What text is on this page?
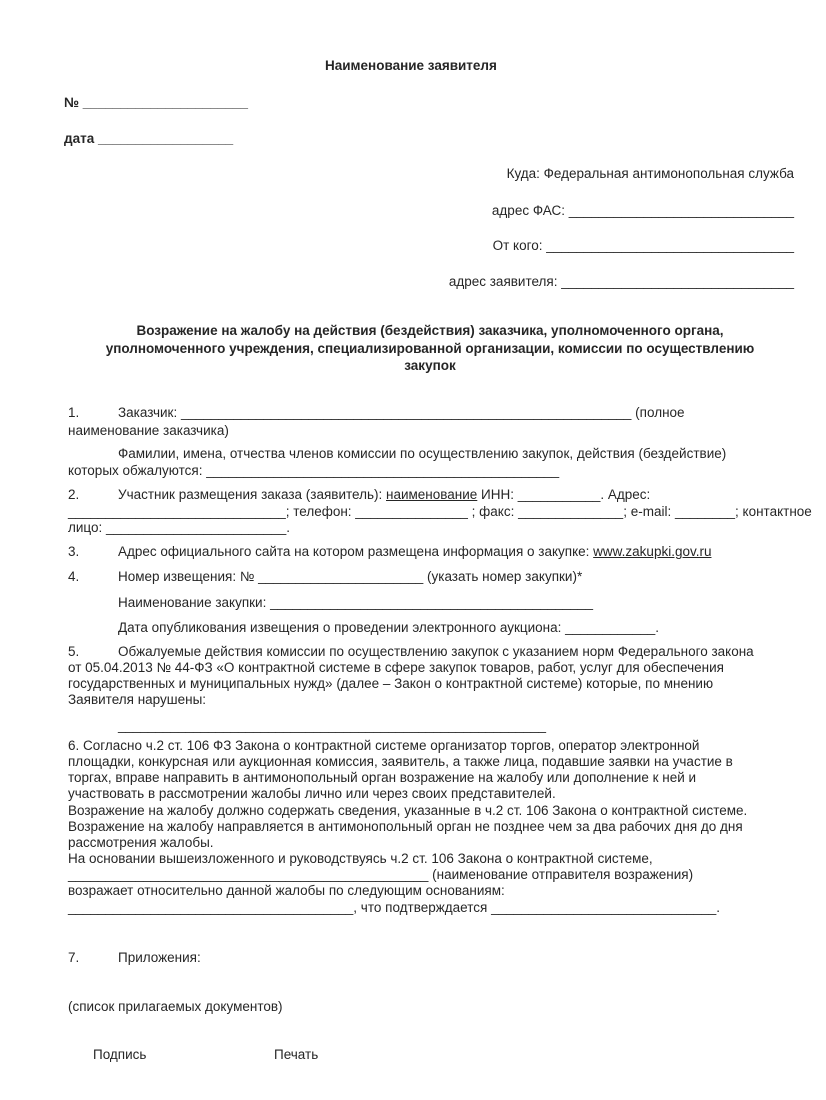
Наименование заявителя
№ ______________________
дата __________________
Куда: Федеральная антимонопольная служба
адрес ФАС: ______________________________
От кого: _________________________________
адрес заявителя: _______________________________
Возражение на жалобу на действия (бездействия) заказчика, уполномоченного органа,
уполномоченного учреждения, специализированной организации, комиссии по осуществлению
закупок
1.	Заказчик: ____________________________________________________________ (полное
наименование заказчика)
Фамилии, имена, отчества членов комиссии по осуществлению закупок, действия (бездействие)
которых обжалуются: _______________________________________________
2.	Участник размещения заказа (заявитель): наименование ИНН: ___________. Адрес:
_____________________________; телефон: _______________ ; факс: ______________; e-mail: ________; контактное
лицо: ________________________.
3.	Адрес официального сайта на котором размещена информация о закупке: www.zakupki.gov.ru
4.	Номер извещения: № ______________________ (указать номер закупки)*
Наименование закупки: ___________________________________________
Дата опубликования извещения о проведении электронного аукциона: ____________.
5.	Обжалуемые действия комиссии по осуществлению закупок с указанием норм Федерального закона
от 05.04.2013 № 44-ФЗ «О контрактной системе в сфере закупок товаров, работ, услуг для обеспечения
государственных и муниципальных нужд» (далее – Закон о контрактной системе) которые, по мнению
Заявителя нарушены:
_________________________________________________________
6. Согласно ч.2 ст. 106 ФЗ Закона о контрактной системе организатор торгов, оператор электронной
площадки, конкурсная или аукционная комиссия, заявитель, а также лица, подавшие заявки на участие в
торгах, вправе направить в антимонопольный орган возражение на жалобу или дополнение к ней и
участвовать в рассмотрении жалобы лично или через своих представителей.
Возражение на жалобу должно содержать сведения, указанные в ч.2 ст. 106 Закона о контрактной системе.
Возражение на жалобу направляется в антимонопольный орган не позднее чем за два рабочих дня до дня
рассмотрения жалобы.
На основании вышеизложенного и руководствуясь ч.2 ст. 106 Закона о контрактной системе,
________________________________________________ (наименование отправителя возражения)
возражает относительно данной жалобы по следующим основаниям:
______________________________________, что подтверждается ______________________________.
7.	Приложения:
(список прилагаемых документов)
Подпись	Печать
